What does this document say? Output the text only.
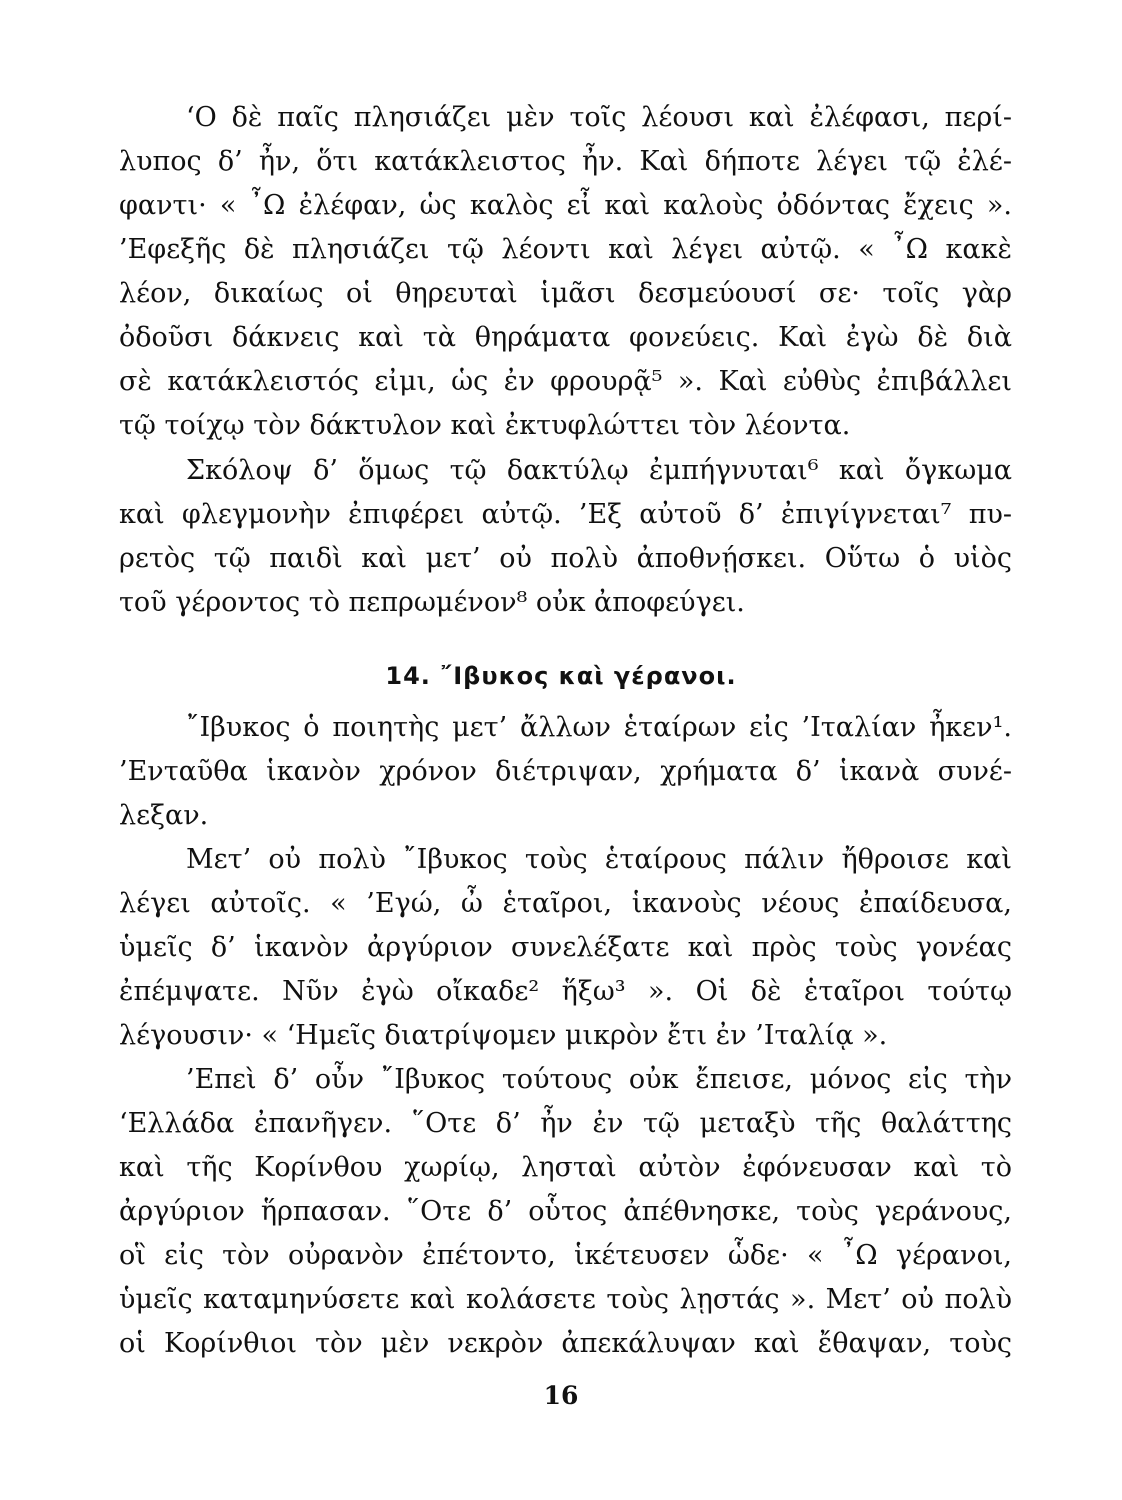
‘Ο δὲ παῖς πλησιάζει μὲν τοῖς λέουσι καὶ ἐλέφασι, περί-
λυπος δ’ ἦν, ὅτι κατάκλειστος ἦν. Καὶ δήποτε λέγει τῷ ἐλέ-
φαντι· « ῏Ω ἐλέφαν, ὡς καλὸς εἶ καὶ καλοὺς ὀδόντας ἔχεις ».
’Εφεξῆς δὲ πλησιάζει τῷ λέοντι καὶ λέγει αὐτῷ. « ῏Ω κακὲ
λέον, δικαίως οἱ θηρευταὶ ἱμᾶσι δεσμεύουσί σε· τοῖς γὰρ
ὀδοῦσι δάκνεις καὶ τὰ θηράματα φονεύεις. Καὶ ἐγὼ δὲ διὰ
σὲ κατάκλειστός εἰμι, ὡς ἐν φρουρᾷ⁵ ». Καὶ εὐθὺς ἐπιβάλλει
τῷ τοίχῳ τὸν δάκτυλον καὶ ἐκτυφλώττει τὸν λέοντα.
Σκόλοψ δ’ ὅμως τῷ δακτύλῳ ἐμπήγνυται⁶ καὶ ὄγκωμα
καὶ φλεγμονὴν ἐπιφέρει αὐτῷ. ’Εξ αὐτοῦ δ’ ἐπιγίγνεται⁷ πυ-
ρετὸς τῷ παιδὶ καὶ μετ’ οὐ πολὺ ἀποθνῄσκει. Οὕτω ὁ υἱὸς
τοῦ γέροντος τὸ πεπρωμένον⁸ οὐκ ἀποφεύγει.
14. ῎Ιβυκος καὶ γέρανοι.
῎Ιβυκος ὁ ποιητὴς μετ’ ἄλλων ἑταίρων εἰς ’Ιταλίαν ἦκεν¹.
’Ενταῦθα ἱκανὸν χρόνον διέτριψαν, χρήματα δ’ ἱκανὰ συνέ-
λεξαν.
Μετ’ οὐ πολὺ ῎Ιβυκος τοὺς ἑταίρους πάλιν ἤθροισε καὶ
λέγει αὐτοῖς. « ’Εγώ, ὦ ἑταῖροι, ἱκανοὺς νέους ἐπαίδευσα,
ὑμεῖς δ’ ἱκανὸν ἀργύριον συνελέξατε καὶ πρὸς τοὺς γονέας
ἐπέμψατε. Νῦν ἐγὼ οἴκαδε² ἥξω³ ». Οἱ δὲ ἑταῖροι τούτῳ
λέγουσιν· « ‘Ημεῖς διατρίψομεν μικρὸν ἔτι ἐν ’Ιταλίᾳ ».
’Επεὶ δ’ οὖν ῎Ιβυκος τούτους οὐκ ἔπεισε, μόνος εἰς τὴν
‘Ελλάδα ἐπανῆγεν. ῞Οτε δ’ ἦν ἐν τῷ μεταξὺ τῆς θαλάττης
καὶ τῆς Κορίνθου χωρίῳ, λησταὶ αὐτὸν ἐφόνευσαν καὶ τὸ
ἀργύριον ἥρπασαν. ῞Οτε δ’ οὗτος ἀπέθνησκε, τοὺς γεράνους,
οἳ εἰς τὸν οὐρανὸν ἐπέτοντο, ἱκέτευσεν ὧδε· « ῏Ω γέρανοι,
ὑμεῖς καταμηνύσετε καὶ κολάσετε τοὺς λῃστάς ». Μετ’ οὐ πολὺ
οἱ Κορίνθιοι τὸν μὲν νεκρὸν ἀπεκάλυψαν καὶ ἔθαψαν, τοὺς
16
